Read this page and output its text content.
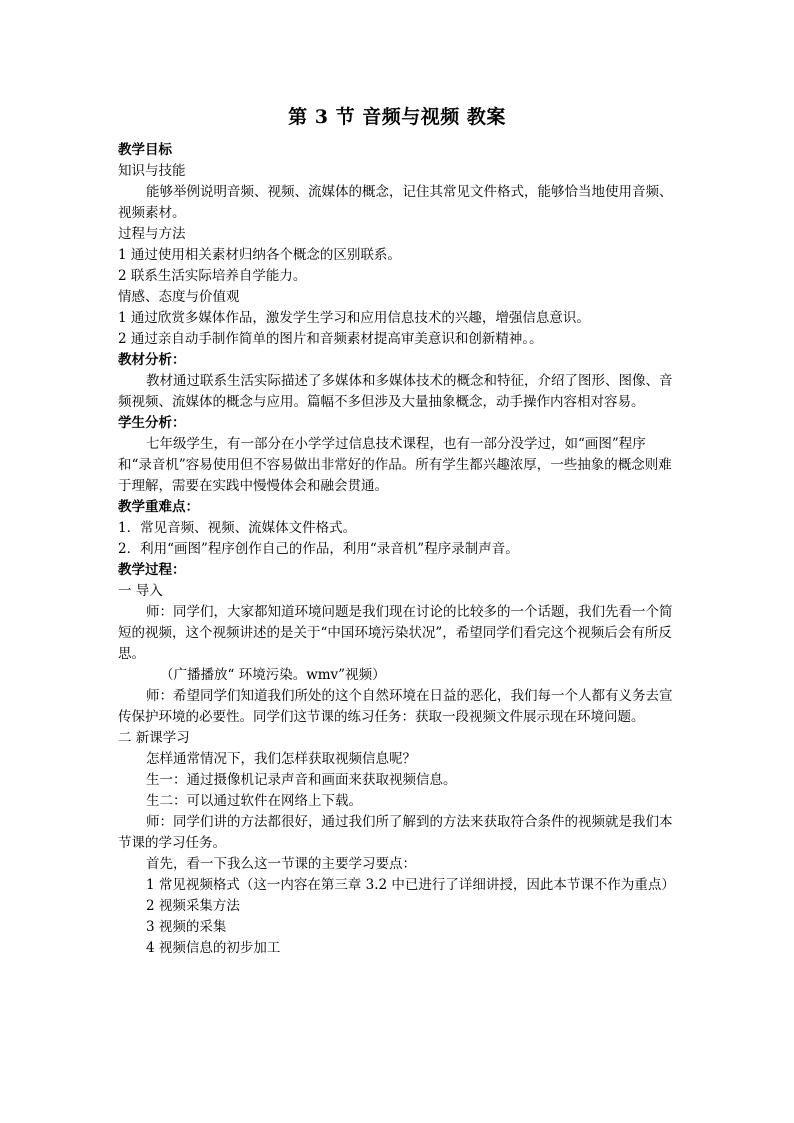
第 3 节 音频与视频 教案

教学目标

知识与技能

能够举例说明音频、视频、流媒体的概念，记住其常见文件格式，能够恰当地使用音频、视频素材。

过程与方法

1 通过使用相关素材归纳各个概念的区别联系。

2 联系生活实际培养自学能力。

情感、态度与价值观

1 通过欣赏多媒体作品，激发学生学习和应用信息技术的兴趣，增强信息意识。

2 通过亲自动手制作简单的图片和音频素材提高审美意识和创新精神。。

教材分析：

教材通过联系生活实际描述了多媒体和多媒体技术的概念和特征，介绍了图形、图像、音频视频、流媒体的概念与应用。篇幅不多但涉及大量抽象概念，动手操作内容相对容易。

学生分析：

七年级学生，有一部分在小学学过信息技术课程，也有一部分没学过，如“画图”程序和“录音机”容易使用但不容易做出非常好的作品。所有学生都兴趣浓厚，一些抽象的概念则难于理解，需要在实践中慢慢体会和融会贯通。

教学重难点：

1．常见音频、视频、流媒体文件格式。

2．利用“画图”程序创作自己的作品，利用“录音机”程序录制声音。

教学过程：

一 导入

师：同学们，大家都知道环境问题是我们现在讨论的比较多的一个话题，我们先看一个简短的视频，这个视频讲述的是关于“中国环境污染状况”，希望同学们看完这个视频后会有所反思。

（广播播放“ 环境污染。wmv”视频）

师：希望同学们知道我们所处的这个自然环境在日益的恶化，我们每一个人都有义务去宣传保护环境的必要性。同学们这节课的练习任务：获取一段视频文件展示现在环境问题。

二 新课学习

怎样通常情况下，我们怎样获取视频信息呢？

生一：通过摄像机记录声音和画面来获取视频信息。

生二：可以通过软件在网络上下载。

师：同学们讲的方法都很好，通过我们所了解到的方法来获取符合条件的视频就是我们本节课的学习任务。

首先，看一下我么这一节课的主要学习要点：

1 常见视频格式（这一内容在第三章 3.2 中已进行了详细讲授，因此本节课不作为重点）

2 视频采集方法

3 视频的采集

4 视频信息的初步加工
